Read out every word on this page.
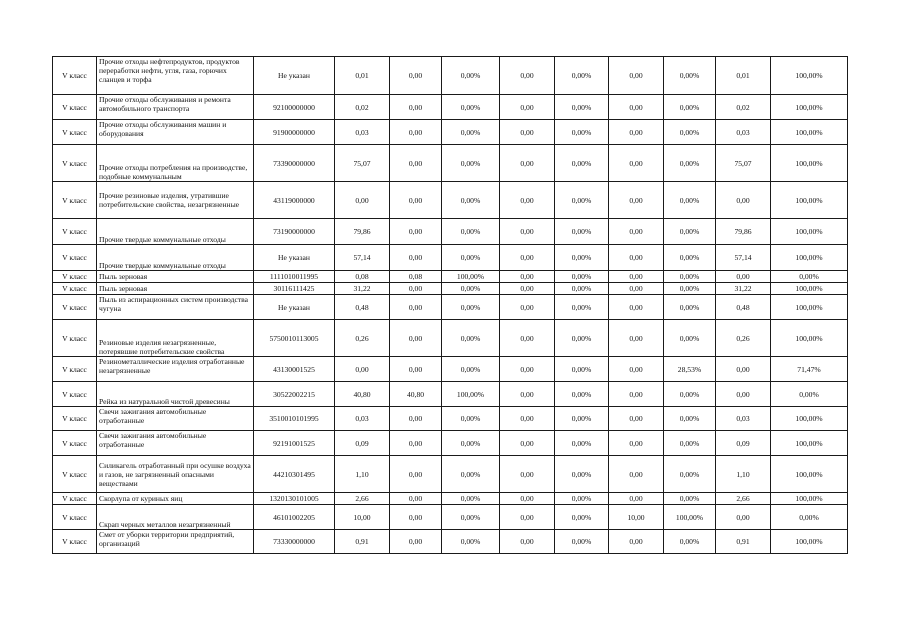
V класс	Прочие отходы нефтепродуктов, продуктов переработки нефти, угля, газа, горючих сланцев и торфа	Не указан	0,01	0,00	0,00%	0,00	0,00%	0,00	0,00%	0,01	100,00%
V класс	Прочие отходы обслуживания и ремонта автомобильного транспорта	92100000000	0,02	0,00	0,00%	0,00	0,00%	0,00	0,00%	0,02	100,00%
V класс	Прочие отходы обслуживания машин и оборудования	91900000000	0,03	0,00	0,00%	0,00	0,00%	0,00	0,00%	0,03	100,00%
V класс	Прочие отходы потребления на производстве, подобные коммунальным	73390000000	75,07	0,00	0,00%	0,00	0,00%	0,00	0,00%	75,07	100,00%
V класс	Прочие резиновые изделия, утратившие потребительские свойства, незагрязненные	43119000000	0,00	0,00	0,00%	0,00	0,00%	0,00	0,00%	0,00	100,00%
V класс	Прочие твердые коммунальные отходы	73190000000	79,86	0,00	0,00%	0,00	0,00%	0,00	0,00%	79,86	100,00%
V класс	Прочие твердые коммунальные отходы	Не указан	57,14	0,00	0,00%	0,00	0,00%	0,00	0,00%	57,14	100,00%
V класс	Пыль зерновая	1111010011995	0,08	0,08	100,00%	0,00	0,00%	0,00	0,00%	0,00	0,00%
V класс	Пыль зерновая	30116111425	31,22	0,00	0,00%	0,00	0,00%	0,00	0,00%	31,22	100,00%
V класс	Пыль из аспирационных систем производства чугуна	Не указан	0,48	0,00	0,00%	0,00	0,00%	0,00	0,00%	0,48	100,00%
V класс	Резиновые изделия незагрязненные, потерявшие потребительские свойства	5750010113005	0,26	0,00	0,00%	0,00	0,00%	0,00	0,00%	0,26	100,00%
V класс	Резинометаллические изделия отработанные незагрязненные	43130001525	0,00	0,00	0,00%	0,00	0,00%	0,00	28,53%	0,00	71,47%
V класс	Рейка из натуральной чистой древесины	30522002215	40,80	40,80	100,00%	0,00	0,00%	0,00	0,00%	0,00	0,00%
V класс	Свечи зажигания автомобильные отработанные	3510010101995	0,03	0,00	0,00%	0,00	0,00%	0,00	0,00%	0,03	100,00%
V класс	Свечи зажигания автомобильные отработанные	92191001525	0,09	0,00	0,00%	0,00	0,00%	0,00	0,00%	0,09	100,00%
V класс	Силикагель отработанный при осушке воздуха и газов, не загрязненный опасными веществами	44210301495	1,10	0,00	0,00%	0,00	0,00%	0,00	0,00%	1,10	100,00%
V класс	Скорлупа от куриных яиц	1320130101005	2,66	0,00	0,00%	0,00	0,00%	0,00	0,00%	2,66	100,00%
V класс	Скрап черных металлов незагрязненный	46101002205	10,00	0,00	0,00%	0,00	0,00%	10,00	100,00%	0,00	0,00%
V класс	Смет от уборки территории предприятий, организаций	73330000000	0,91	0,00	0,00%	0,00	0,00%	0,00	0,00%	0,91	100,00%
